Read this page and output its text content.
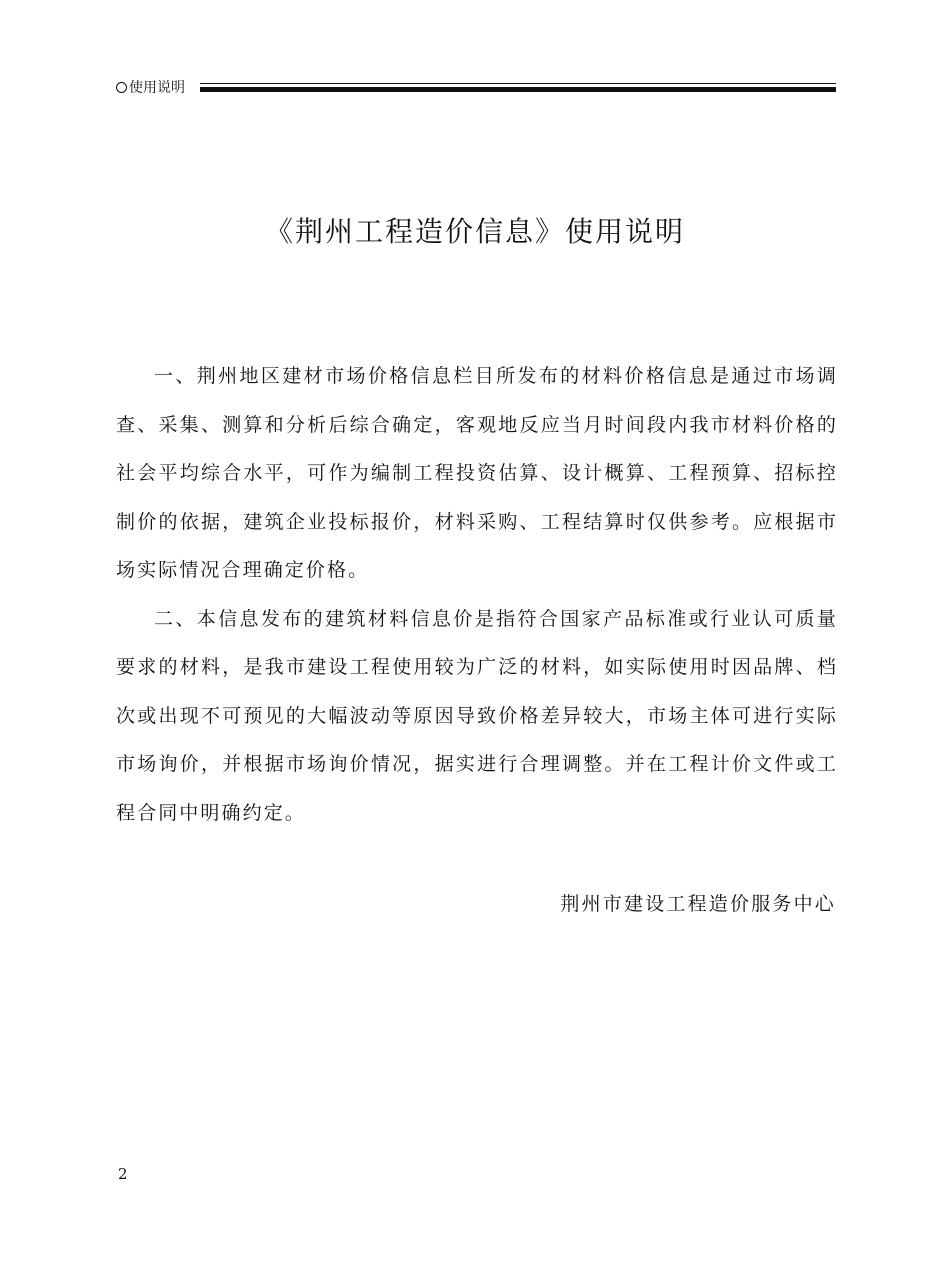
使用说明
《荆州工程造价信息》使用说明

一、荆州地区建材市场价格信息栏目所发布的材料价格信息是通过市场调查、采集、测算和分析后综合确定，客观地反应当月时间段内我市材料价格的社会平均综合水平，可作为编制工程投资估算、设计概算、工程预算、招标控制价的依据，建筑企业投标报价，材料采购、工程结算时仅供参考。应根据市场实际情况合理确定价格。

二、本信息发布的建筑材料信息价是指符合国家产品标准或行业认可质量要求的材料，是我市建设工程使用较为广泛的材料，如实际使用时因品牌、档次或出现不可预见的大幅波动等原因导致价格差异较大，市场主体可进行实际市场询价，并根据市场询价情况，据实进行合理调整。并在工程计价文件或工程合同中明确约定。

荆州市建设工程造价服务中心
2
